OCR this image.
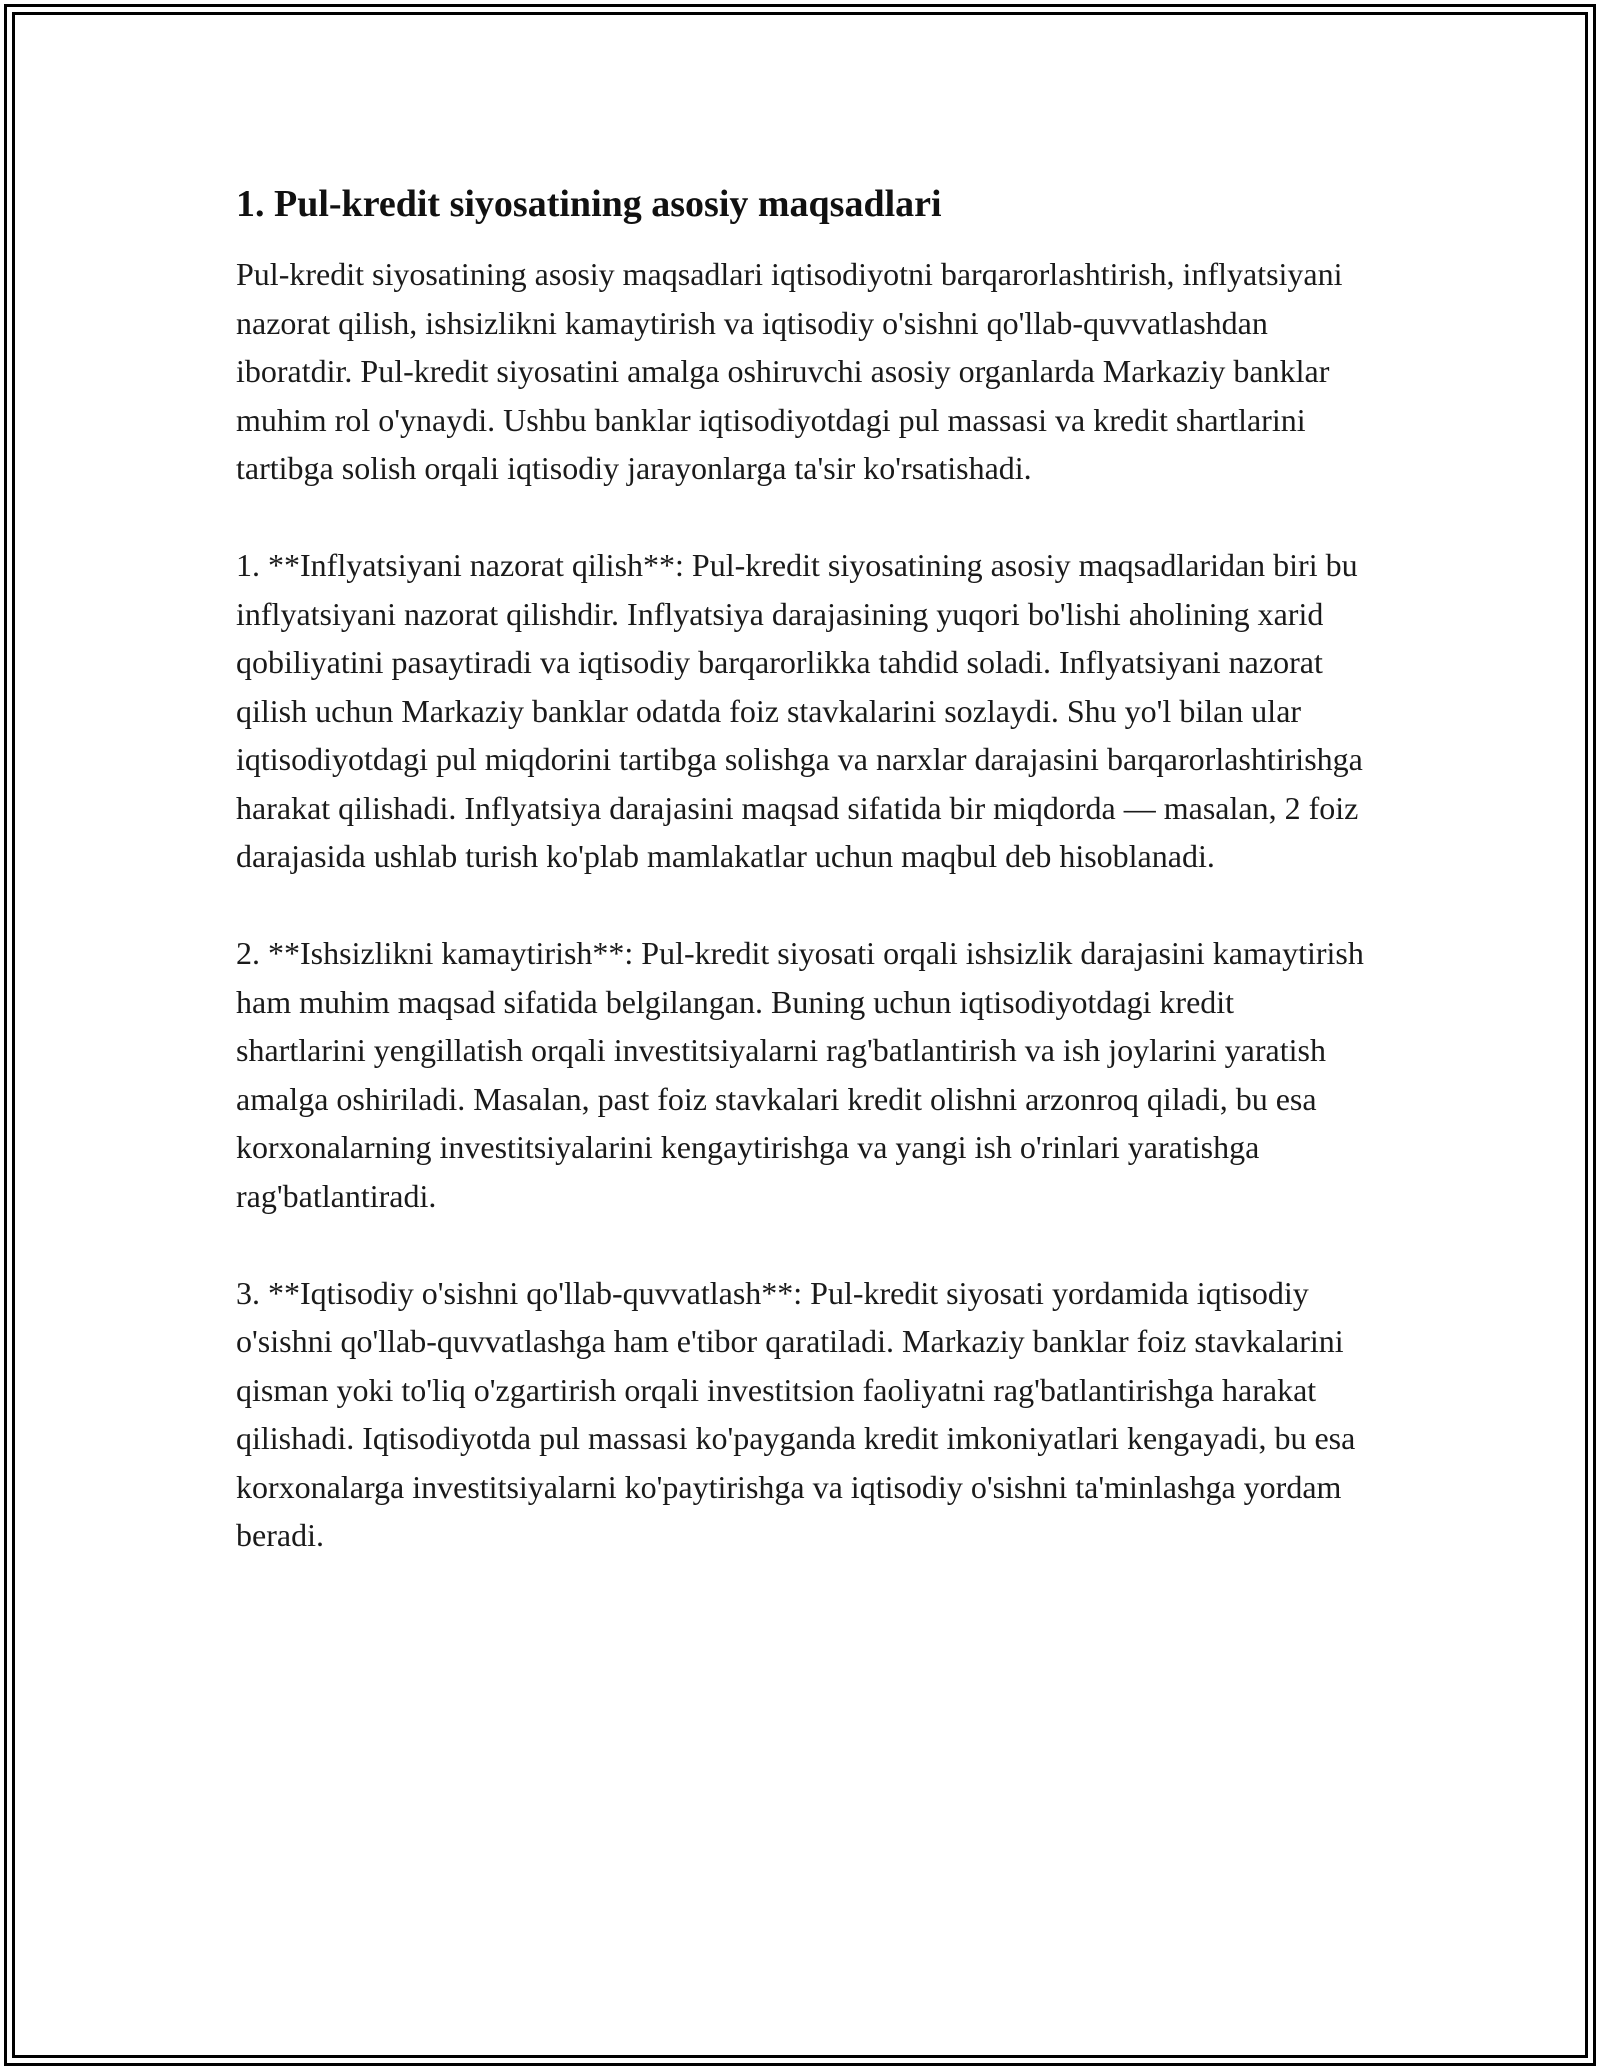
1. Pul-kredit siyosatining asosiy maqsadlari

Pul-kredit siyosatining asosiy maqsadlari iqtisodiyotni barqarorlashtirish, inflyatsiyani nazorat qilish, ishsizlikni kamaytirish va iqtisodiy o'sishni qo'llab-quvvatlashdan iboratdir. Pul-kredit siyosatini amalga oshiruvchi asosiy organlarda Markaziy banklar muhim rol o'ynaydi. Ushbu banklar iqtisodiyotdagi pul massasi va kredit shartlarini tartibga solish orqali iqtisodiy jarayonlarga ta'sir ko'rsatishadi.

1. **Inflyatsiyani nazorat qilish**: Pul-kredit siyosatining asosiy maqsadlaridan biri bu inflyatsiyani nazorat qilishdir. Inflyatsiya darajasining yuqori bo'lishi aholining xarid qobiliyatini pasaytiradi va iqtisodiy barqarorlikka tahdid soladi. Inflyatsiyani nazorat qilish uchun Markaziy banklar odatda foiz stavkalarini sozlaydi. Shu yo'l bilan ular iqtisodiyotdagi pul miqdorini tartibga solishga va narxlar darajasini barqarorlashtirishga harakat qilishadi. Inflyatsiya darajasini maqsad sifatida bir miqdorda — masalan, 2 foiz darajasida ushlab turish ko'plab mamlakatlar uchun maqbul deb hisoblanadi.

2. **Ishsizlikni kamaytirish**: Pul-kredit siyosati orqali ishsizlik darajasini kamaytirish ham muhim maqsad sifatida belgilangan. Buning uchun iqtisodiyotdagi kredit shartlarini yengillatish orqali investitsiyalarni rag'batlantirish va ish joylarini yaratish amalga oshiriladi. Masalan, past foiz stavkalari kredit olishni arzonroq qiladi, bu esa korxonalarning investitsiyalarini kengaytirishga va yangi ish o'rinlari yaratishga rag'batlantiradi.

3. **Iqtisodiy o'sishni qo'llab-quvvatlash**: Pul-kredit siyosati yordamida iqtisodiy o'sishni qo'llab-quvvatlashga ham e'tibor qaratiladi. Markaziy banklar foiz stavkalarini qisman yoki to'liq o'zgartirish orqali investitsion faoliyatni rag'batlantirishga harakat qilishadi. Iqtisodiyotda pul massasi ko'payganda kredit imkoniyatlari kengayadi, bu esa korxonalarga investitsiyalarni ko'paytirishga va iqtisodiy o'sishni ta'minlashga yordam beradi.
